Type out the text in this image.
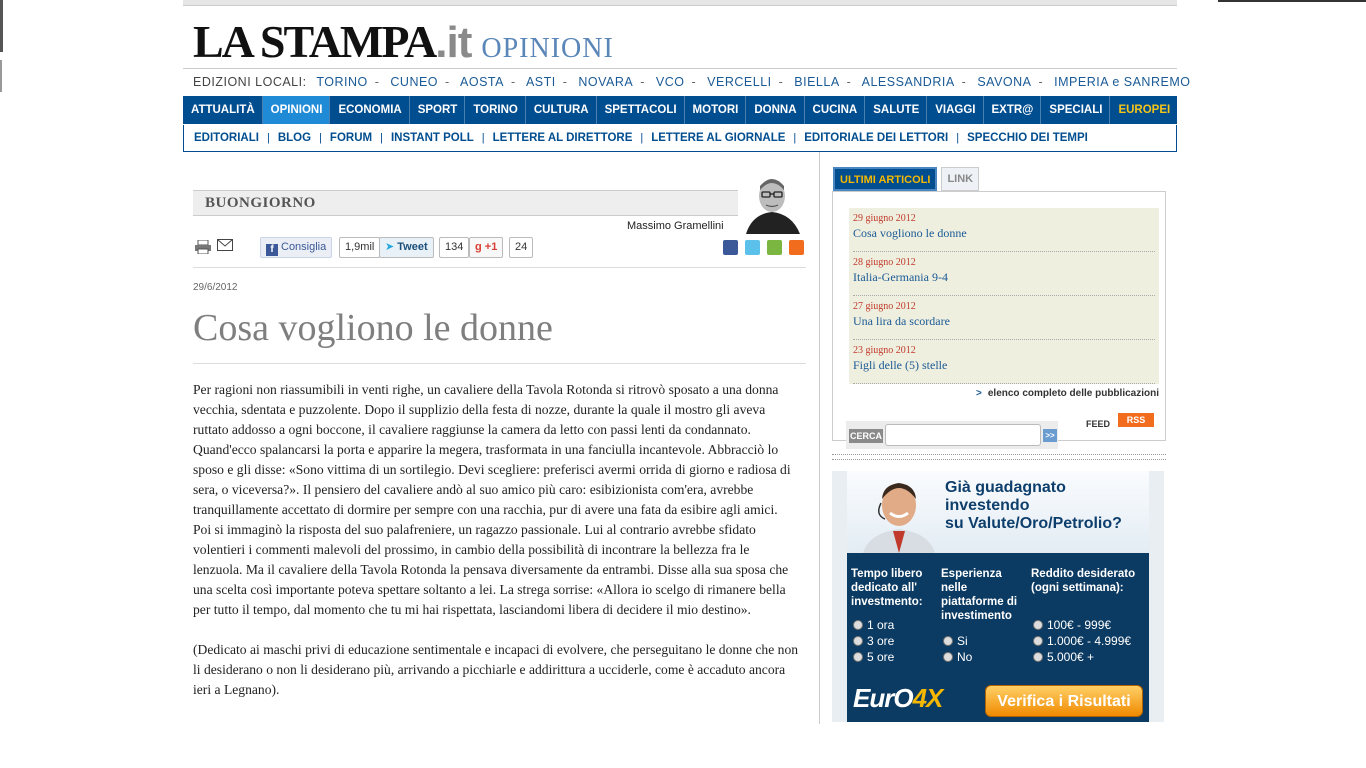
LA STAMPA .it OPINIONI
EDIZIONI LOCALI: TORINO - CUNEO - AOSTA - ASTI - NOVARA - VCO - VERCELLI - BIELLA - ALESSANDRIA - SAVONA - IMPERIA e SANREMO
ATTUALITÀ	OPINIONI	ECONOMIA	SPORT	TORINO	CULTURA	SPETTACOLI	MOTORI	DONNA	CUCINA	SALUTE	VIAGGI	EXTR@	SPECIALI	EUROPEI
EDITORIALI | BLOG | FORUM | INSTANT POLL | LETTERE AL DIRETTORE | LETTERE AL GIORNALE | EDITORIALE DEI LETTORI | SPECCHIO DEI TEMPI
BUONGIORNO
Massimo Gramellini
f Consiglia	1,9mil ➤ Tweet	134	g +1	24
29/6/2012
Cosa vogliono le donne

Per ragioni non riassumibili in venti righe, un cavaliere della Tavola Rotonda si ritrovò sposato a una donna vecchia, sdentata e puzzolente. Dopo il supplizio della festa di nozze, durante la quale il mostro gli aveva ruttato addosso a ogni boccone, il cavaliere raggiunse la camera da letto con passi lenti da condannato. Quand'ecco spalancarsi la porta e apparire la megera, trasformata in una fanciulla incantevole. Abbracciò lo sposo e gli disse: «Sono vittima di un sortilegio. Devi scegliere: preferisci avermi orrida di giorno e radiosa di sera, o viceversa?». Il pensiero del cavaliere andò al suo amico più caro: esibizionista com'era, avrebbe tranquillamente accettato di dormire per sempre con una racchia, pur di avere una fata da esibire agli amici. Poi si immaginò la risposta del suo palafreniere, un ragazzo passionale. Lui al contrario avrebbe sfidato volentieri i commenti malevoli del prossimo, in cambio della possibilità di incontrare la bellezza fra le lenzuola. Ma il cavaliere della Tavola Rotonda la pensava diversamente da entrambi. Disse alla sua sposa che una scelta così importante poteva spettare soltanto a lei. La strega sorrise: «Allora io scelgo di rimanere bella per tutto il tempo, dal momento che tu mi hai rispettata, lasciandomi libera di decidere il mio destino».

(Dedicato ai maschi privi di educazione sentimentale e incapaci di evolvere, che perseguitano le donne che non li desiderano o non li desiderano più, arrivando a picchiarle e addirittura a ucciderle, come è accaduto ancora ieri a Legnano).

ULTIMI ARTICOLI	LINK
29 giugno 2012
Cosa vogliono le donne
28 giugno 2012
Italia-Germania 9-4
27 giugno 2012
Una lira da scordare
23 giugno 2012
Figli delle (5) stelle
> elenco completo delle pubblicazioni
CERCA	>>
FEED	RSS
Già guadagnato
investendo
su Valute/Oro/Petrolio?
Tempo libero
dedicato all'
investmento:
1 ora
3 ore
5 ore
Esperienza
nelle
piattaforme di
investimento
Si
No
Reddito desiderato
(ogni settimana):
100€ - 999€
1.000€ - 4.999€
5.000€ +
EurO4X	Verifica i Risultati
